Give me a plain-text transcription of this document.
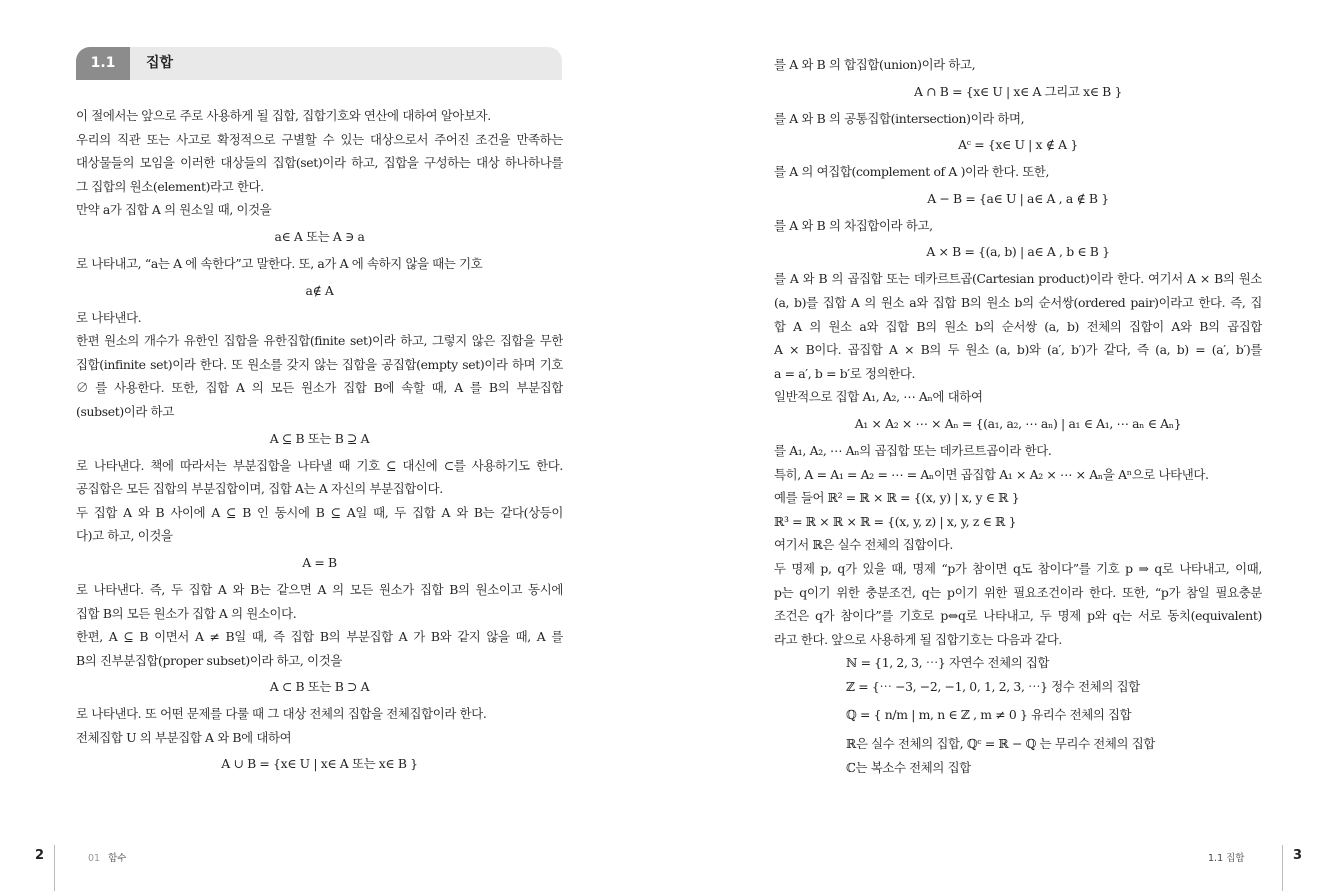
1.1	집합
이 절에서는 앞으로 주로 사용하게 될 집합, 집합기호와 연산에 대하여 알아보자.
우리의 직관 또는 사고로 확정적으로 구별할 수 있는 대상으로서 주어진 조건을 만족하는
대상물들의 모임을 이러한 대상들의 집합(set)이라 하고, 집합을 구성하는 대상 하나하나를
그 집합의 원소(element)라고 한다.
만약 a가 집합 A 의 원소일 때, 이것을
a∈ A 또는 A ∋ a
로 나타내고, “a는 A 에 속한다”고 말한다. 또, a가 A 에 속하지 않을 때는 기호
a∉ A
로 나타낸다.
한편 원소의 개수가 유한인 집합을 유한집합(finite set)이라 하고, 그렇지 않은 집합을 무한
집합(infinite set)이라 한다. 또 원소를 갖지 않는 집합을 공집합(empty set)이라 하며 기호
∅ 를 사용한다. 또한, 집합 A 의 모든 원소가 집합 B에 속할 때, A 를 B의 부분집합
(subset)이라 하고
A ⊆ B 또는 B ⊇ A
로 나타낸다. 책에 따라서는 부분집합을 나타낼 때 기호 ⊆ 대신에 ⊂를 사용하기도 한다.
공집합은 모든 집합의 부분집합이며, 집합 A는 A 자신의 부분집합이다.
두 집합 A 와 B 사이에 A ⊆ B 인 동시에 B ⊆ A일 때, 두 집합 A 와 B는 같다(상등이
다)고 하고, 이것을
A = B
로 나타낸다. 즉, 두 집합 A 와 B는 같으면 A 의 모든 원소가 집합 B의 원소이고 동시에
집합 B의 모든 원소가 집합 A 의 원소이다.
한편, A ⊆ B 이면서 A ≠ B일 때, 즉 집합 B의 부분집합 A 가 B와 같지 않을 때, A 를
B의 진부분집합(proper subset)이라 하고, 이것을
A ⊂ B 또는 B ⊃ A
로 나타낸다. 또 어떤 문제를 다룰 때 그 대상 전체의 집합을 전체집합이라 한다.
전체집합 U 의 부분집합 A 와 B에 대하여
A ∪ B = {x∈ U | x∈ A 또는 x∈ B }
2	01 함수
를 A 와 B 의 합집합(union)이라 하고,
A ∩ B = {x∈ U | x∈ A 그리고 x∈ B }
를 A 와 B 의 공통집합(intersection)이라 하며,
Aᶜ = {x∈ U | x ∉ A }
를 A 의 여집합(complement of A )이라 한다. 또한,
A − B = {a∈ U | a∈ A , a ∉ B }
를 A 와 B 의 차집합이라 하고,
A × B = {(a, b) | a∈ A , b ∈ B }
를 A 와 B 의 곱집합 또는 데카르트곱(Cartesian product)이라 한다. 여기서 A × B의 원소
(a, b)를 집합 A 의 원소 a와 집합 B의 원소 b의 순서쌍(ordered pair)이라고 한다. 즉, 집
합 A 의 원소 a와 집합 B의 원소 b의 순서쌍 (a, b) 전체의 집합이 A와 B의 곱집합
A × B이다. 곱집합 A × B의 두 원소 (a, b)와 (a′, b′)가 같다, 즉 (a, b) = (a′, b′)를
a = a′, b = b′로 정의한다.
일반적으로 집합 A₁, A₂, ⋯ Aₙ에 대하여
A₁ × A₂ × ⋯ × Aₙ = {(a₁, a₂, ⋯ aₙ) | a₁ ∈ A₁, ⋯ aₙ ∈ Aₙ}
를 A₁, A₂, ⋯ Aₙ의 곱집합 또는 데카르트곱이라 한다.
특히, A = A₁ = A₂ = ⋯ = Aₙ이면 곱집합 A₁ × A₂ × ⋯ × Aₙ을 Aⁿ으로 나타낸다.
예를 들어 ℝ² = ℝ × ℝ = {(x, y) | x, y ∈ ℝ }
ℝ³ = ℝ × ℝ × ℝ = {(x, y, z) | x, y, z ∈ ℝ }
여기서 ℝ은 실수 전체의 집합이다.
두 명제 p, q가 있을 때, 명제 “p가 참이면 q도 참이다”를 기호 p ⇒ q로 나타내고, 이때,
p는 q이기 위한 충분조건, q는 p이기 위한 필요조건이라 한다. 또한, “p가 참일 필요충분
조건은 q가 참이다”를 기호로 p⇔q로 나타내고, 두 명제 p와 q는 서로 동치(equivalent)
라고 한다. 앞으로 사용하게 될 집합기호는 다음과 같다.
ℕ = {1, 2, 3, ⋯} 자연수 전체의 집합
ℤ = {⋯ −3, −2, −1, 0, 1, 2, 3, ⋯} 정수 전체의 집합
ℚ = { n/m | m, n ∈ ℤ , m ≠ 0 } 유리수 전체의 집합
ℝ은 실수 전체의 집합, ℚᶜ = ℝ − ℚ 는 무리수 전체의 집합
ℂ는 복소수 전체의 집합
1.1 집합	3
